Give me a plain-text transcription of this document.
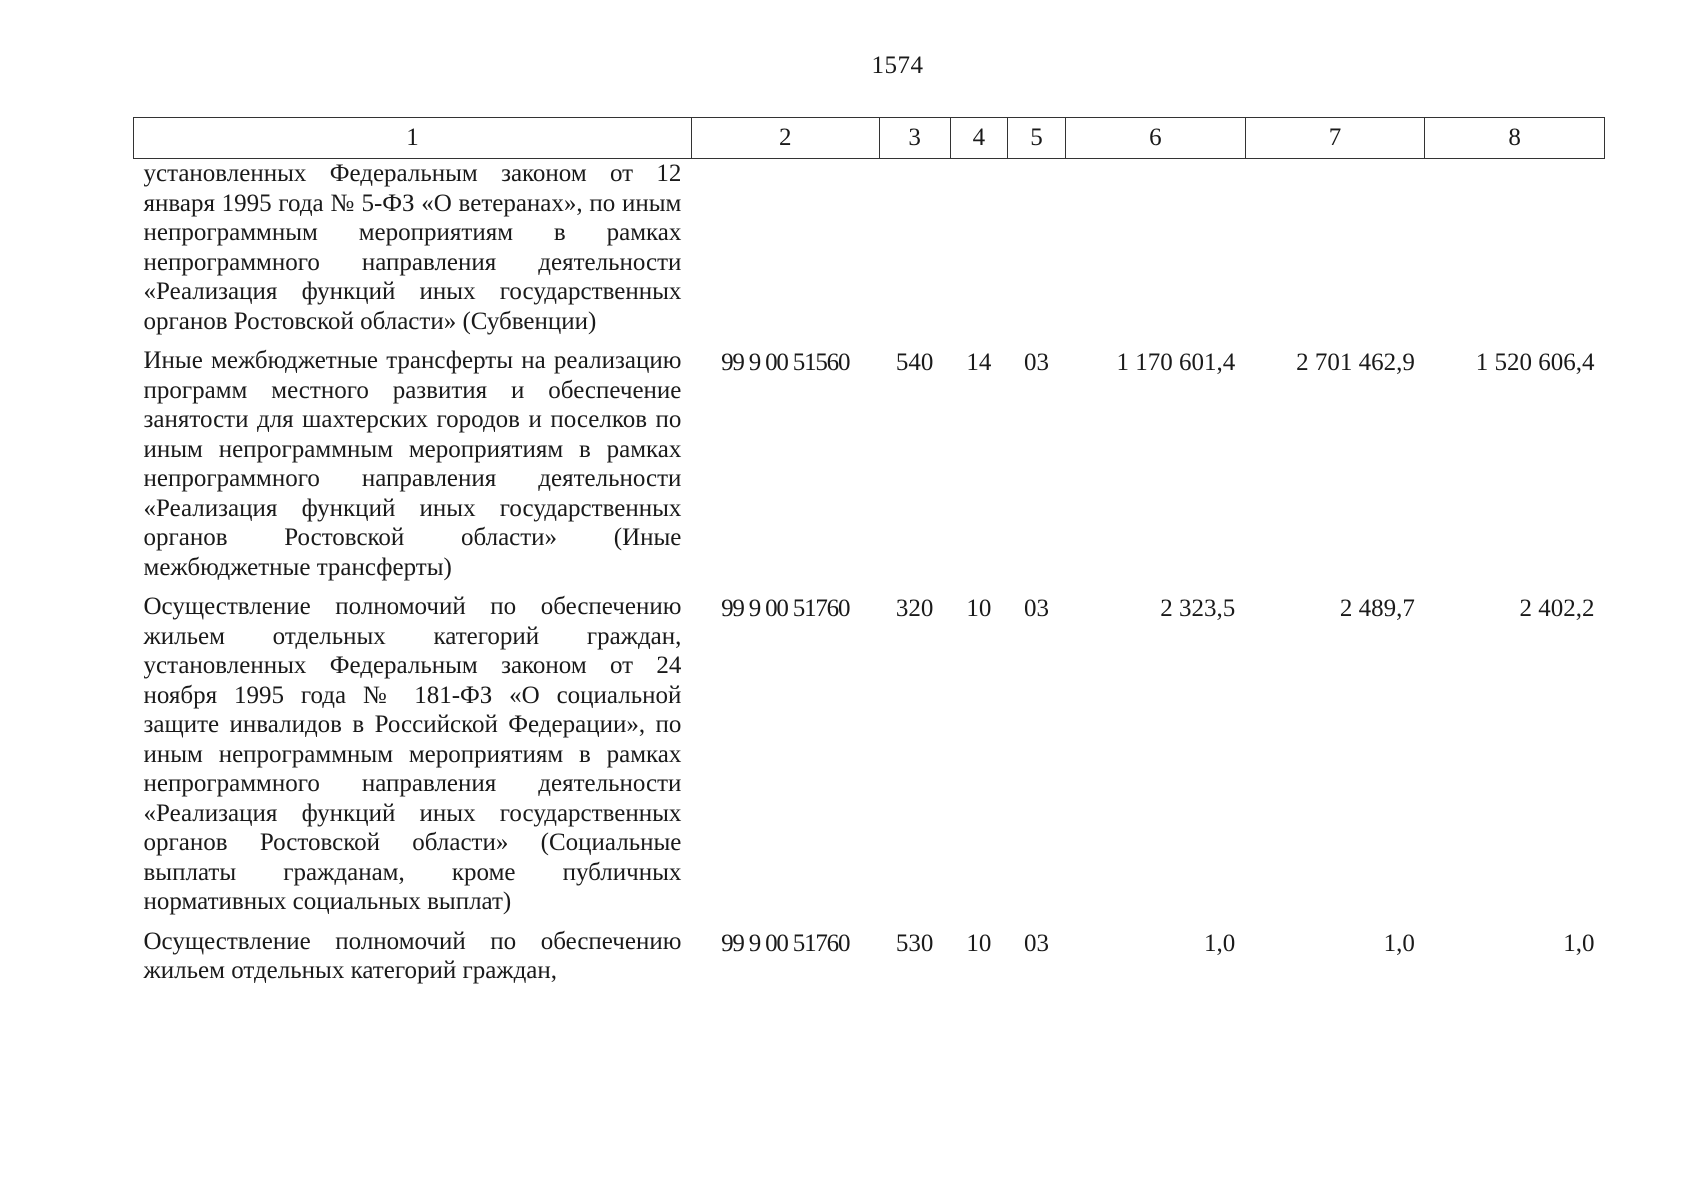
1574
1	2	3	4	5	6	7	8
установленных Федеральным законом от 12 января 1995 года № 5-ФЗ «О ветеранах», по иным непрограммным мероприятиям в рамках непрограммного направления деятельности «Реализация функций иных государственных органов Ростовской области» (Субвенции)							
Иные межбюджетные трансферты на реализацию программ местного развития и обеспечение занятости для шахтерских городов и поселков по иным непрограммным мероприятиям в рамках непрограммного направления деятельности «Реализация функций иных государственных органов Ростовской области» (Иные межбюджетные трансферты)	99 9 00 51560	540	14	03	1 170 601,4	2 701 462,9	1 520 606,4
Осуществление полномочий по обеспечению жильем отдельных категорий граждан, установленных Федеральным законом от 24 ноября 1995 года № 181-ФЗ «О социальной защите инвалидов в Российской Федерации», по иным непрограммным мероприятиям в рамках непрограммного направления деятельности «Реализация функций иных государственных органов Ростовской области» (Социальные выплаты гражданам, кроме публичных нормативных социальных выплат)	99 9 00 51760	320	10	03	2 323,5	2 489,7	2 402,2
Осуществление полномочий по обеспечению жильем отдельных категорий граждан,	99 9 00 51760	530	10	03	1,0	1,0	1,0
